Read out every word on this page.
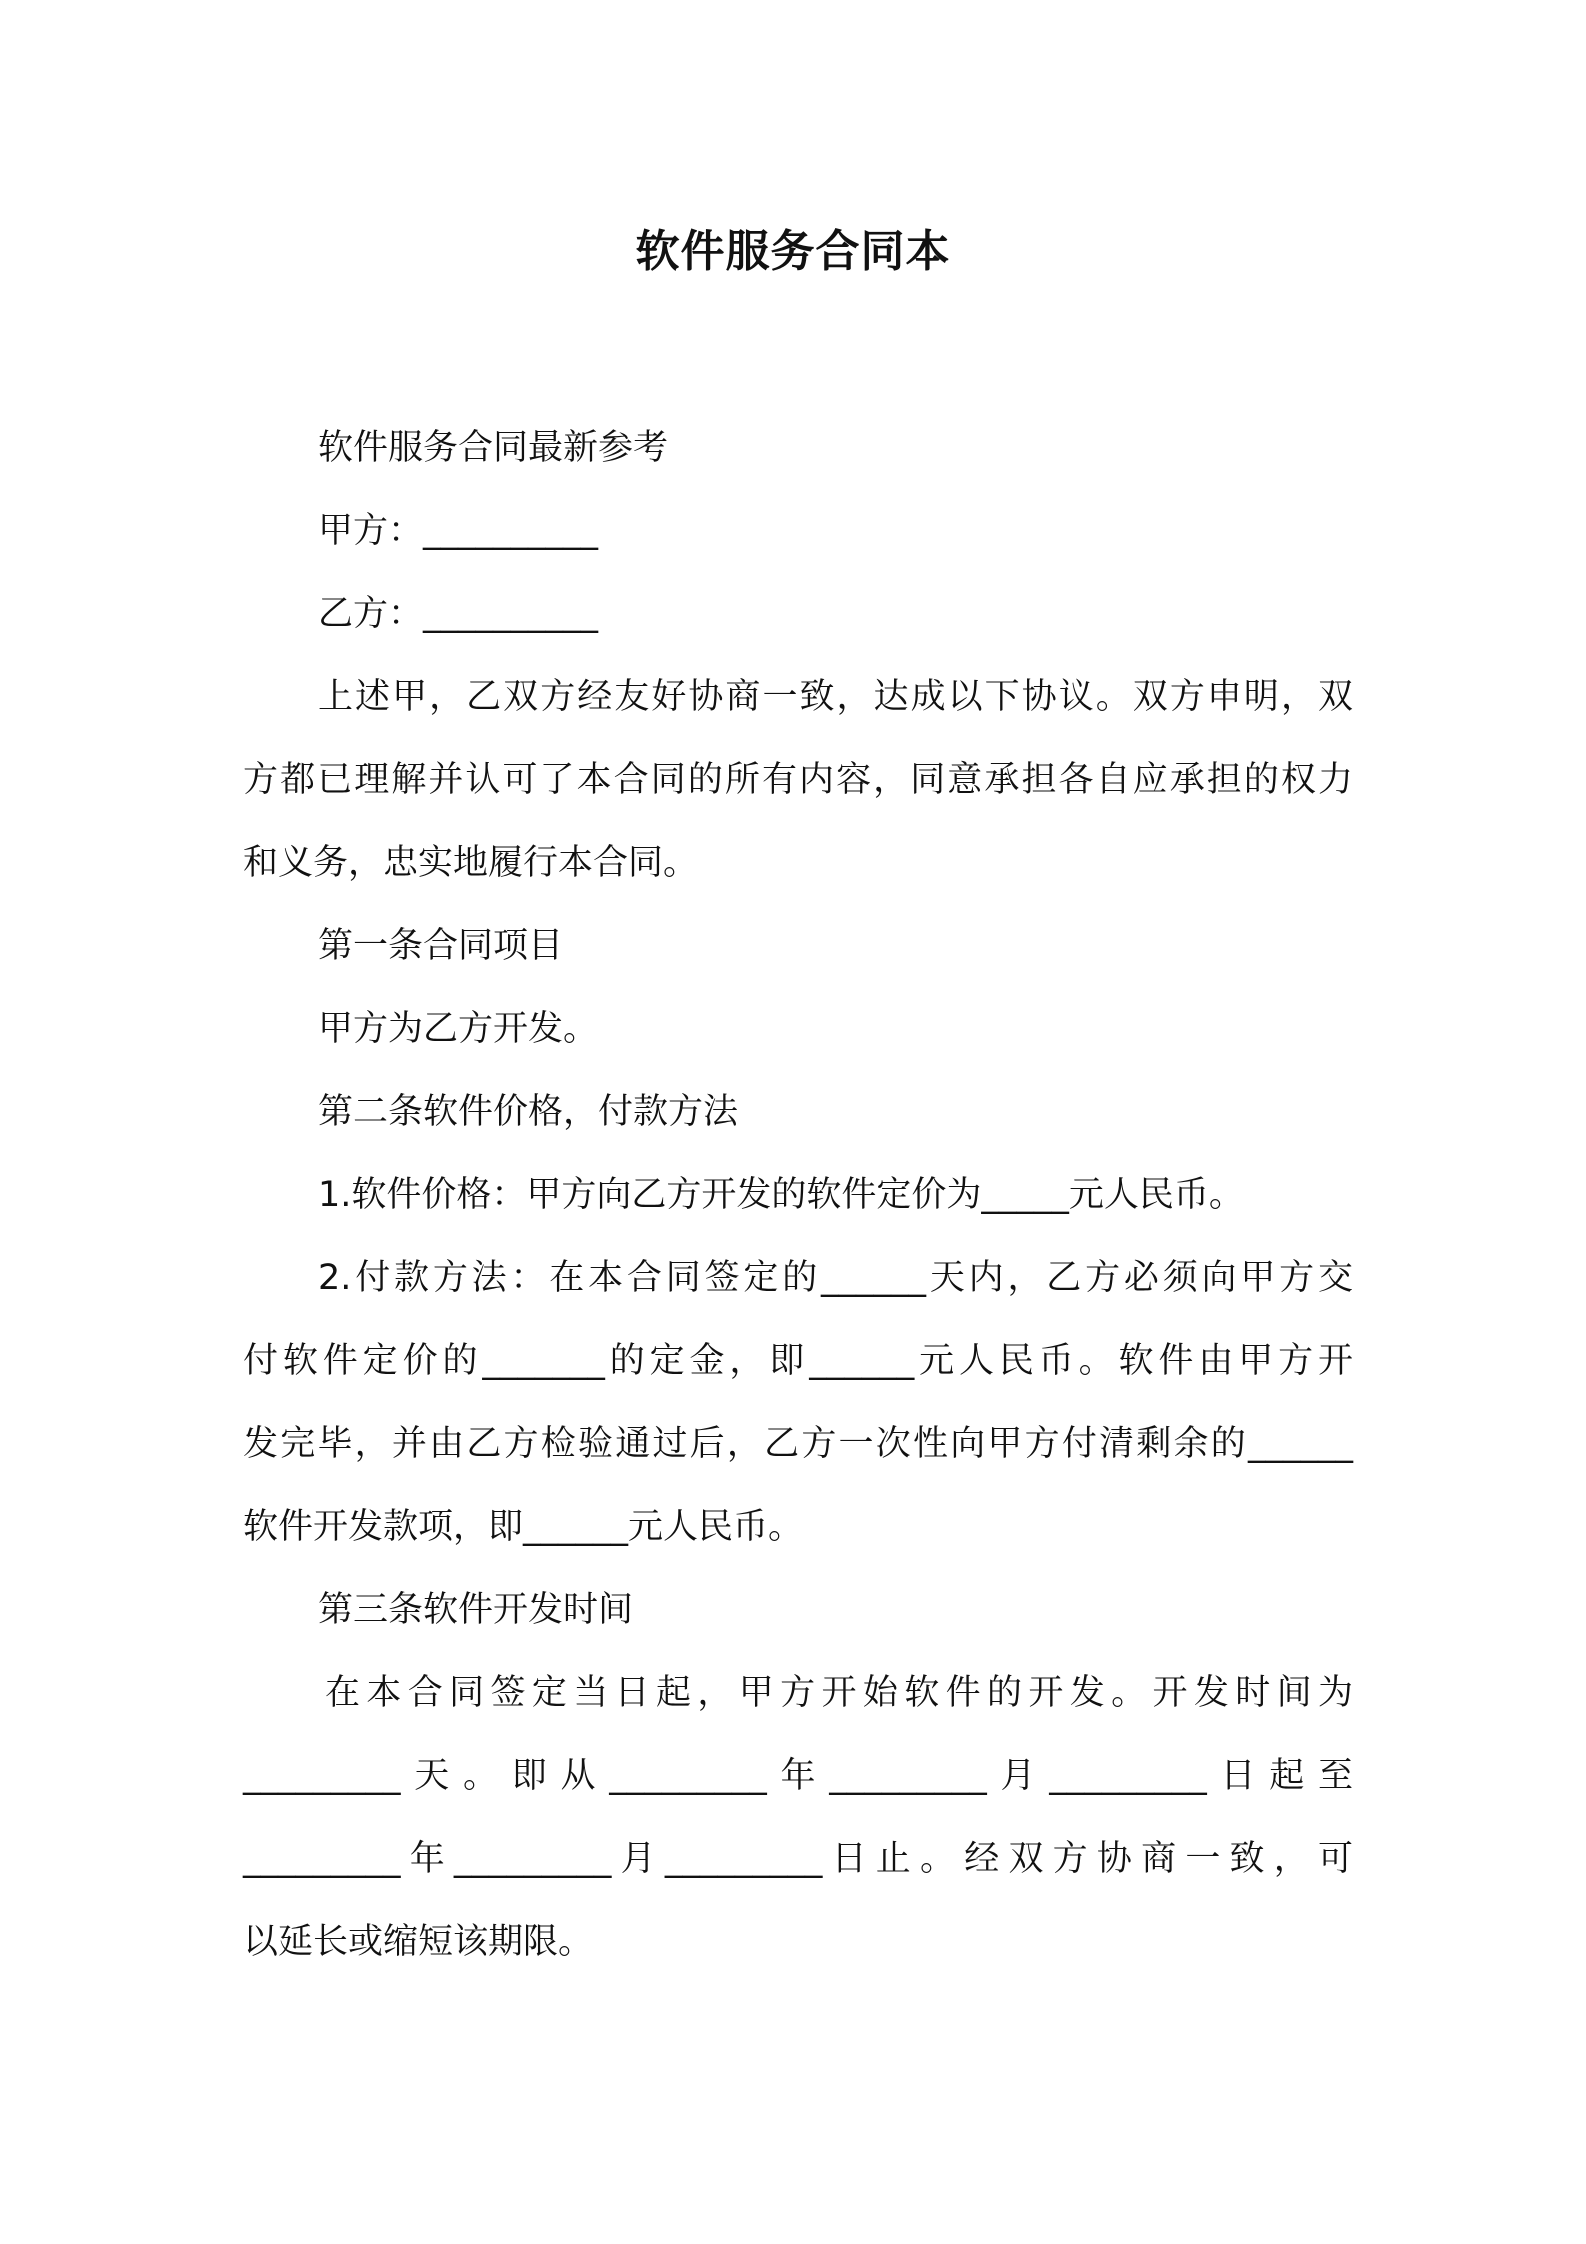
软件服务合同本
软件服务合同最新参考
甲方：__________
乙方：__________
上述甲，乙双方经友好协商一致，达成以下协议。双方申明，双
方都已理解并认可了本合同的所有内容，同意承担各自应承担的权力
和义务，忠实地履行本合同。
第一条合同项目
甲方为乙方开发。
第二条软件价格，付款方法
1.软件价格：甲方向乙方开发的软件定价为_____元人民币。
2.付款方法：在本合同签定的______天内，乙方必须向甲方交
付软件定价的_______的定金，即______元人民币。软件由甲方开
发完毕，并由乙方检验通过后，乙方一次性向甲方付清剩余的______
软件开发款项，即______元人民币。
第三条软件开发时间
在本合同签定当日起，甲方开始软件的开发。开发时间为
_________天。即从_________年_________月_________日起至
_________年_________月_________日止。经双方协商一致，可
以延长或缩短该期限。
